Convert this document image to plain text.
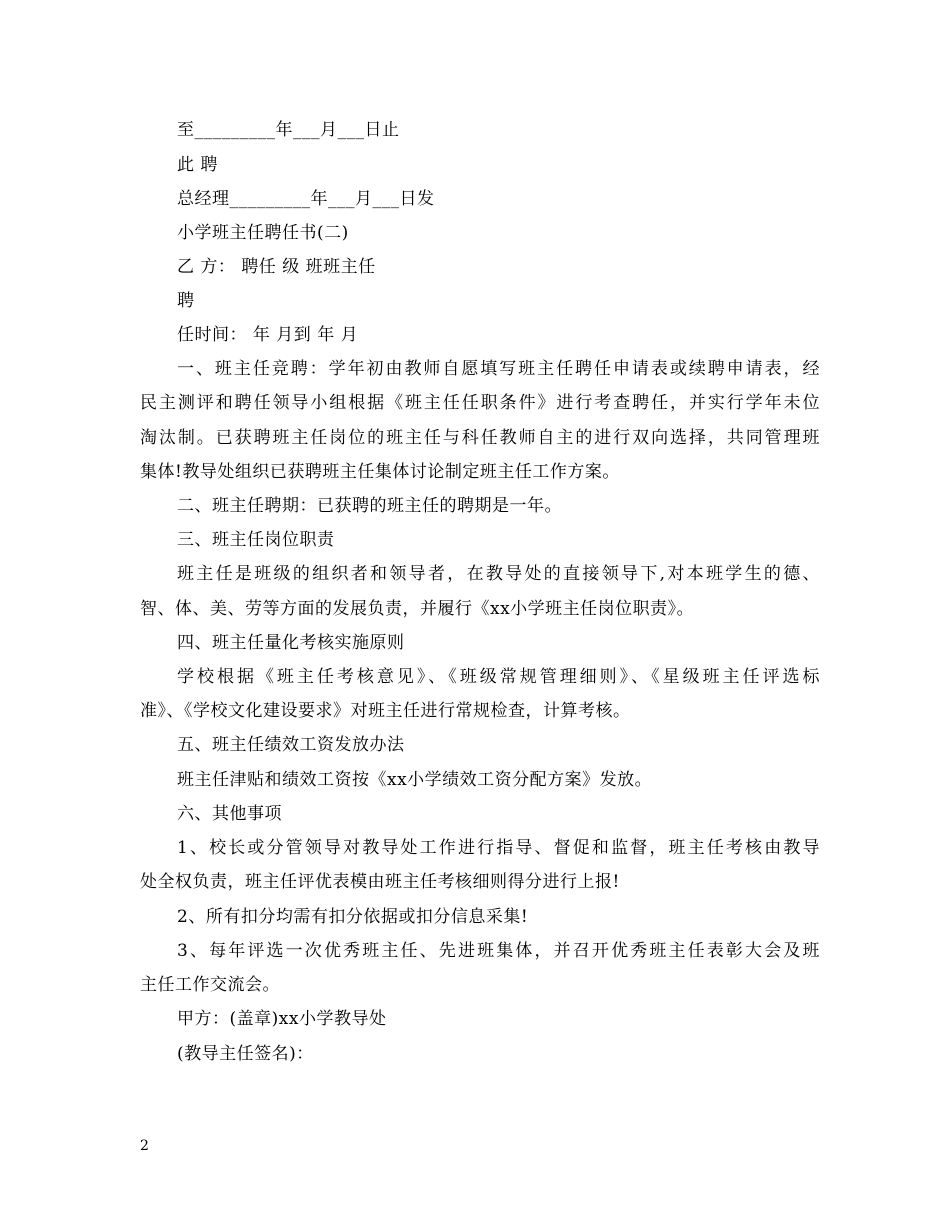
至_________年___月___日止
此 聘
总经理_________年___月___日发
小学班主任聘任书(二)
乙 方： 聘任 级 班班主任
聘
任时间： 年 月到 年 月
一、班主任竞聘：学年初由教师自愿填写班主任聘任申请表或续聘申请表，经
民主测评和聘任领导小组根据《班主任任职条件》进行考查聘任，并实行学年未位
淘汰制。已获聘班主任岗位的班主任与科任教师自主的进行双向选择，共同管理班
集体!教导处组织已获聘班主任集体讨论制定班主任工作方案。
二、班主任聘期：已获聘的班主任的聘期是一年。
三、班主任岗位职责
班主任是班级的组织者和领导者，在教导处的直接领导下,对本班学生的德、
智、体、美、劳等方面的发展负责，并履行《xx小学班主任岗位职责》。
四、班主任量化考核实施原则
学校根据《班主任考核意见》、《班级常规管理细则》、《星级班主任评选标
准》、《学校文化建设要求》对班主任进行常规检查，计算考核。
五、班主任绩效工资发放办法
班主任津贴和绩效工资按《xx小学绩效工资分配方案》发放。
六、其他事项
1、校长或分管领导对教导处工作进行指导、督促和监督，班主任考核由教导
处全权负责，班主任评优表模由班主任考核细则得分进行上报!
2、所有扣分均需有扣分依据或扣分信息采集!
3、每年评选一次优秀班主任、先进班集体，并召开优秀班主任表彰大会及班
主任工作交流会。
甲方：(盖章)xx小学教导处
(教导主任签名)：
2
